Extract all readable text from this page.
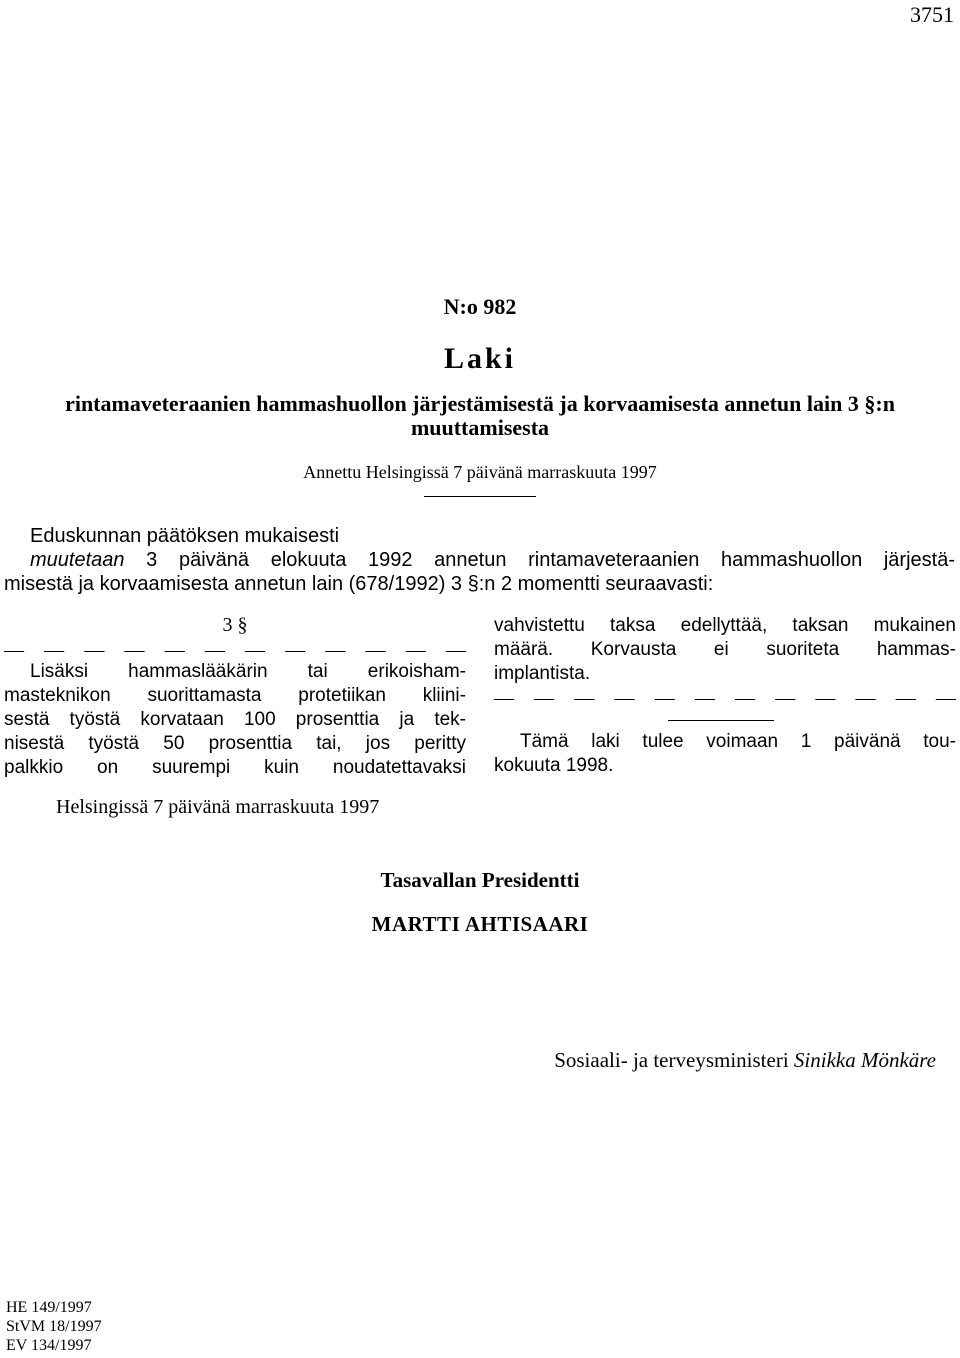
3751
N:o 982
Laki
rintamaveteraanien hammashuollon järjestämisestä ja korvaamisesta annetun lain 3 §:n muuttamisesta
Annettu Helsingissä 7 päivänä marraskuuta 1997
Eduskunnan päätöksen mukaisesti
muutetaan 3 päivänä elokuuta 1992 annetun rintamaveteraanien hammashuollon järjestä-
misestä ja korvaamisesta annetun lain (678/1992) 3 §:n 2 momentti seuraavasti:
3 §
— — — — — — — — — — — —
Lisäksi hammaslääkärin tai erikoisham-
masteknikon suorittamasta protetiikan kliini-
sestä työstä korvataan 100 prosenttia ja tek-
nisestä työstä 50 prosenttia tai, jos peritty
palkkio on suurempi kuin noudatettavaksi
vahvistettu taksa edellyttää, taksan mukainen
määrä. Korvausta ei suoriteta hammas-
implantista.
— — — — — — — — — — — —
Tämä laki tulee voimaan 1 päivänä tou-
kokuuta 1998.
Helsingissä 7 päivänä marraskuuta 1997
Tasavallan Presidentti
MARTTI AHTISAARI
Sosiaali- ja terveysministeri Sinikka Mönkäre
HE 149/1997
StVM 18/1997
EV 134/1997
